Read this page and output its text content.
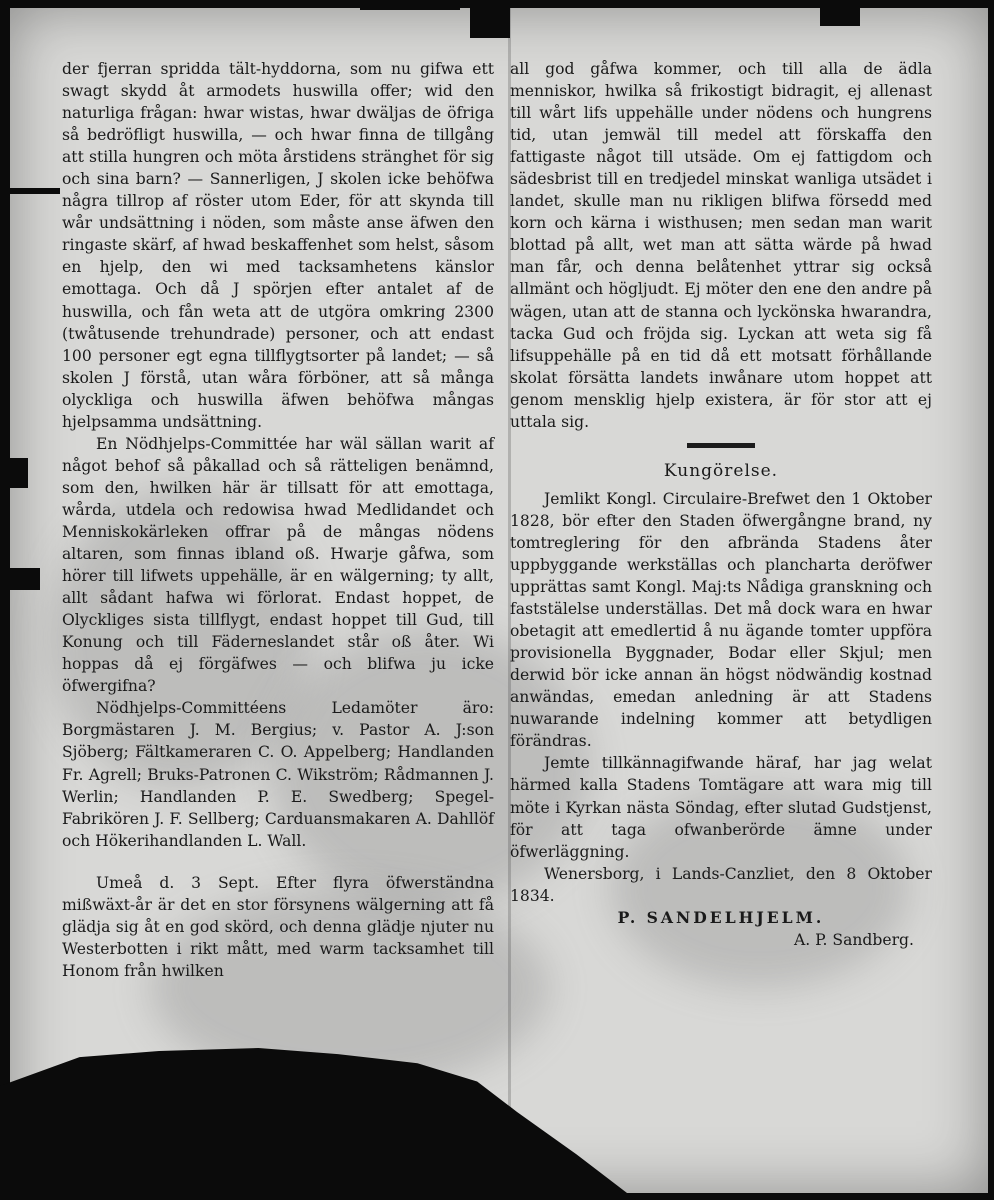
der fjerran spridda tält-hyddorna, som nu gifwa ett swagt skydd åt armodets huswilla offer; wid den naturliga frågan: hwar wistas, hwar dwäljas de öfriga så bedröfligt huswilla, — och hwar finna de tillgång att stilla hungren och möta årstidens stränghet för sig och sina barn? — Sannerligen, J skolen icke behöfwa några tillrop af röster utom Eder, för att skynda till wår undsättning i nöden, som måste anse äfwen den ringaste skärf, af hwad beskaffenhet som helst, såsom en hjelp, den wi med tacksamhetens känslor emottaga. Och då J spörjen efter antalet af de huswilla, och fån weta att de utgöra omkring 2300 (twåtusende trehundrade) personer, och att endast 100 personer egt egna tillflygtsorter på landet; — så skolen J förstå, utan wåra förböner, att så många olyckliga och huswilla äfwen behöfwa mångas hjelpsamma undsättning.

En Nödhjelps-Committée har wäl sällan warit af något behof så påkallad och så rätteligen benämnd, som den, hwilken här är tillsatt för att emottaga, wårda, utdela och redowisa hwad Medlidandet och Menniskokärleken offrar på de mångas nödens altaren, som finnas ibland oß. Hwarje gåfwa, som hörer till lifwets uppehälle, är en wälgerning; ty allt, allt sådant hafwa wi förlorat. Endast hoppet, de Olyckliges sista tillflygt, endast hoppet till Gud, till Konung och till Fäderneslandet står oß åter. Wi hoppas då ej förgäfwes — och blifwa ju icke öfwergifna?

Nödhjelps-Committéens Ledamöter äro: Borgmästaren J. M. Bergius; v. Pastor A. J:son Sjöberg; Fältkameraren C. O. Appelberg; Handlanden Fr. Agrell; Bruks-Patronen C. Wikström; Rådmannen J. Werlin; Handlanden P. E. Swedberg; Spegel-Fabrikören J. F. Sellberg; Carduansmakaren A. Dahllöf och Hökerihandlanden L. Wall.

Umeå d. 3 Sept. Efter flyra öfwerständna mißwäxt-år är det en stor försynens wälgerning att få glädja sig åt en god skörd, och denna glädje njuter nu Westerbotten i rikt mått, med warm tacksamhet till Honom från hwilken

all god gåfwa kommer, och till alla de ädla menniskor, hwilka så frikostigt bidragit, ej allenast till wårt lifs uppehälle under nödens och hungrens tid, utan jemwäl till medel att förskaffa den fattigaste något till utsäde. Om ej fattigdom och sädesbrist till en tredjedel minskat wanliga utsädet i landet, skulle man nu rikligen blifwa försedd med korn och kärna i wisthusen; men sedan man warit blottad på allt, wet man att sätta wärde på hwad man får, och denna belåtenhet yttrar sig också allmänt och högljudt. Ej möter den ene den andre på wägen, utan att de stanna och lyckönska hwarandra, tacka Gud och fröjda sig. Lyckan att weta sig få lifsuppehälle på en tid då ett motsatt förhållande skolat försätta landets inwånare utom hoppet att genom mensklig hjelp existera, är för stor att ej uttala sig.

Kungörelse.

Jemlikt Kongl. Circulaire-Brefwet den 1 Oktober 1828, bör efter den Staden öfwergångne brand, ny tomtreglering för den afbrända Stadens åter uppbyggande werkställas och plancharta deröfwer upprättas samt Kongl. Maj:ts Nådiga granskning och faststälelse underställas. Det må dock wara en hwar obetagit att emedlertid å nu ägande tomter uppföra provisionella Byggnader, Bodar eller Skjul; men derwid bör icke annan än högst nödwändig kostnad anwändas, emedan anledning är att Stadens nuwarande indelning kommer att betydligen förändras.

Jemte tillkännagifwande häraf, har jag welat härmed kalla Stadens Tomtägare att wara mig till möte i Kyrkan nästa Söndag, efter slutad Gudstjenst, för att taga ofwanberörde ämne under öfwerläggning.

Wenersborg, i Lands-Canzliet, den 8 Oktober 1834.

P. SANDELHJELM.

A. P. Sandberg.
